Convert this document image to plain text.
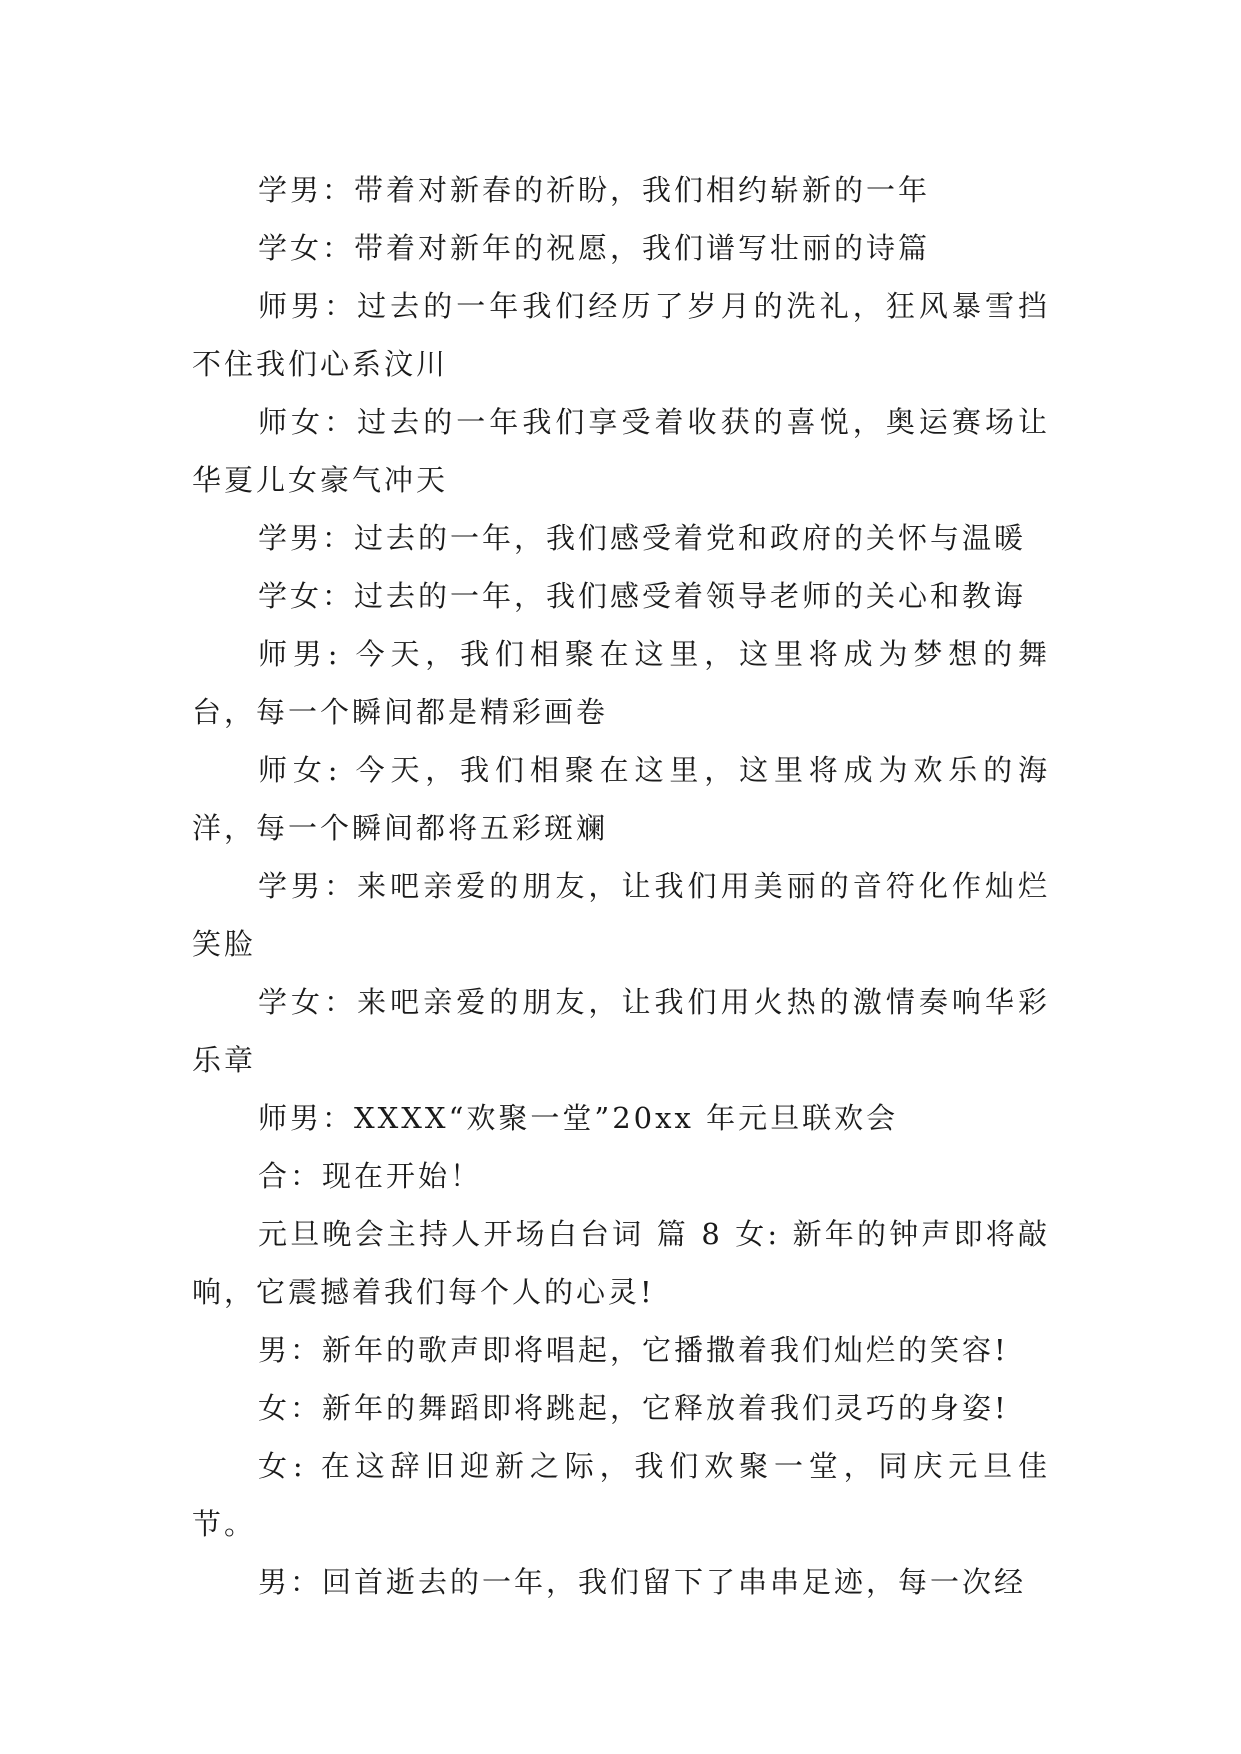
学男：带着对新春的祈盼，我们相约崭新的一年

学女：带着对新年的祝愿，我们谱写壮丽的诗篇

师男：过去的一年我们经历了岁月的洗礼，狂风暴雪挡不住我们心系汶川

师女：过去的一年我们享受着收获的喜悦，奥运赛场让华夏儿女豪气冲天

学男：过去的一年，我们感受着党和政府的关怀与温暖

学女：过去的一年，我们感受着领导老师的关心和教诲

师男: 今天，我们相聚在这里，这里将成为梦想的舞台，每一个瞬间都是精彩画卷

师女: 今天，我们相聚在这里，这里将成为欢乐的海洋，每一个瞬间都将五彩斑斓

学男：来吧亲爱的朋友，让我们用美丽的音符化作灿烂笑脸

学女：来吧亲爱的朋友，让我们用火热的激情奏响华彩乐章

师男：XXXX“欢聚一堂”20xx 年元旦联欢会

合：现在开始！

元旦晚会主持人开场白台词 篇 8 女: 新年的钟声即将敲响，它震撼着我们每个人的心灵!

男：新年的歌声即将唱起，它播撒着我们灿烂的笑容!

女：新年的舞蹈即将跳起，它释放着我们灵巧的身姿!

女: 在这辞旧迎新之际，我们欢聚一堂，同庆元旦佳节。

男：回首逝去的一年，我们留下了串串足迹，每一次经
